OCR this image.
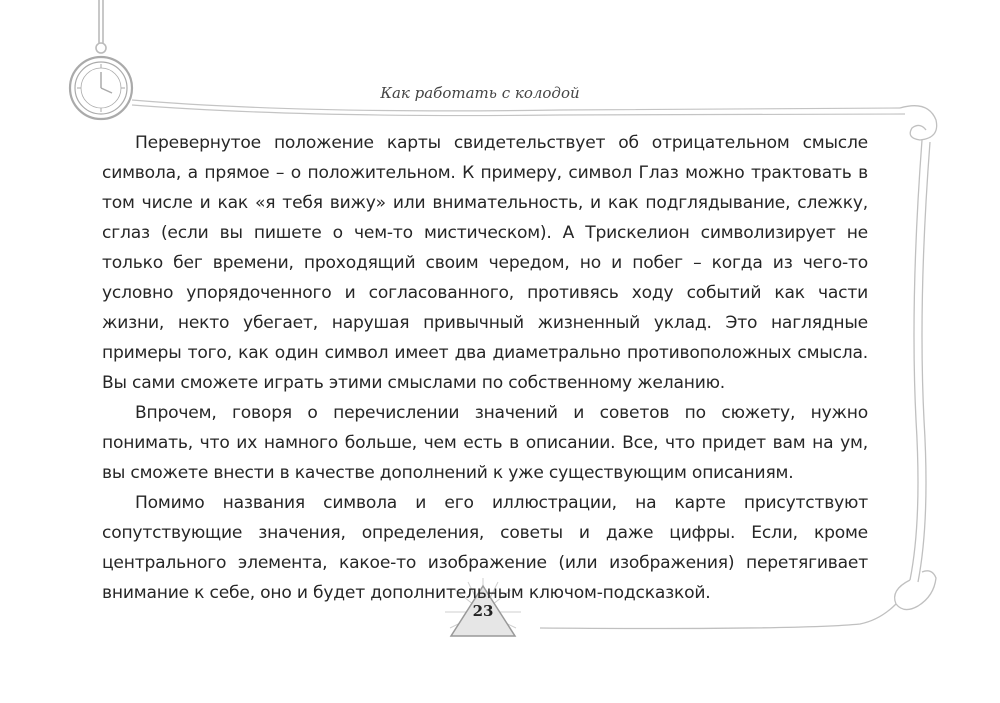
Как работать с колодой

Перевернутое положение карты свидетельствует об отрицательном смысле символа, а прямое – о положительном. К примеру, символ Глаз можно трактовать в том числе и как «я тебя вижу» или внимательность, и как подглядывание, слежку, сглаз (если вы пишете о чем-то мистическом). А Трискелион символизирует не только бег времени, проходящий своим чередом, но и побег – когда из чего-то условно упорядоченного и согласованного, противясь ходу событий как части жизни, некто убегает, нарушая привычный жизненный уклад. Это наглядные примеры того, как один символ имеет два диаметрально противоположных смысла. Вы сами сможете играть этими смыслами по собственному желанию.

Впрочем, говоря о перечислении значений и советов по сюжету, нужно понимать, что их намного больше, чем есть в описании. Все, что придет вам на ум, вы сможете внести в качестве дополнений к уже существующим описаниям.

Помимо названия символа и его иллюстрации, на карте присутствуют сопутствующие значения, определения, советы и даже цифры. Если, кроме центрального элемента, какое-то изображение (или изображения) перетягивает внимание к себе, оно и будет дополнительным ключом-подсказкой.

23
